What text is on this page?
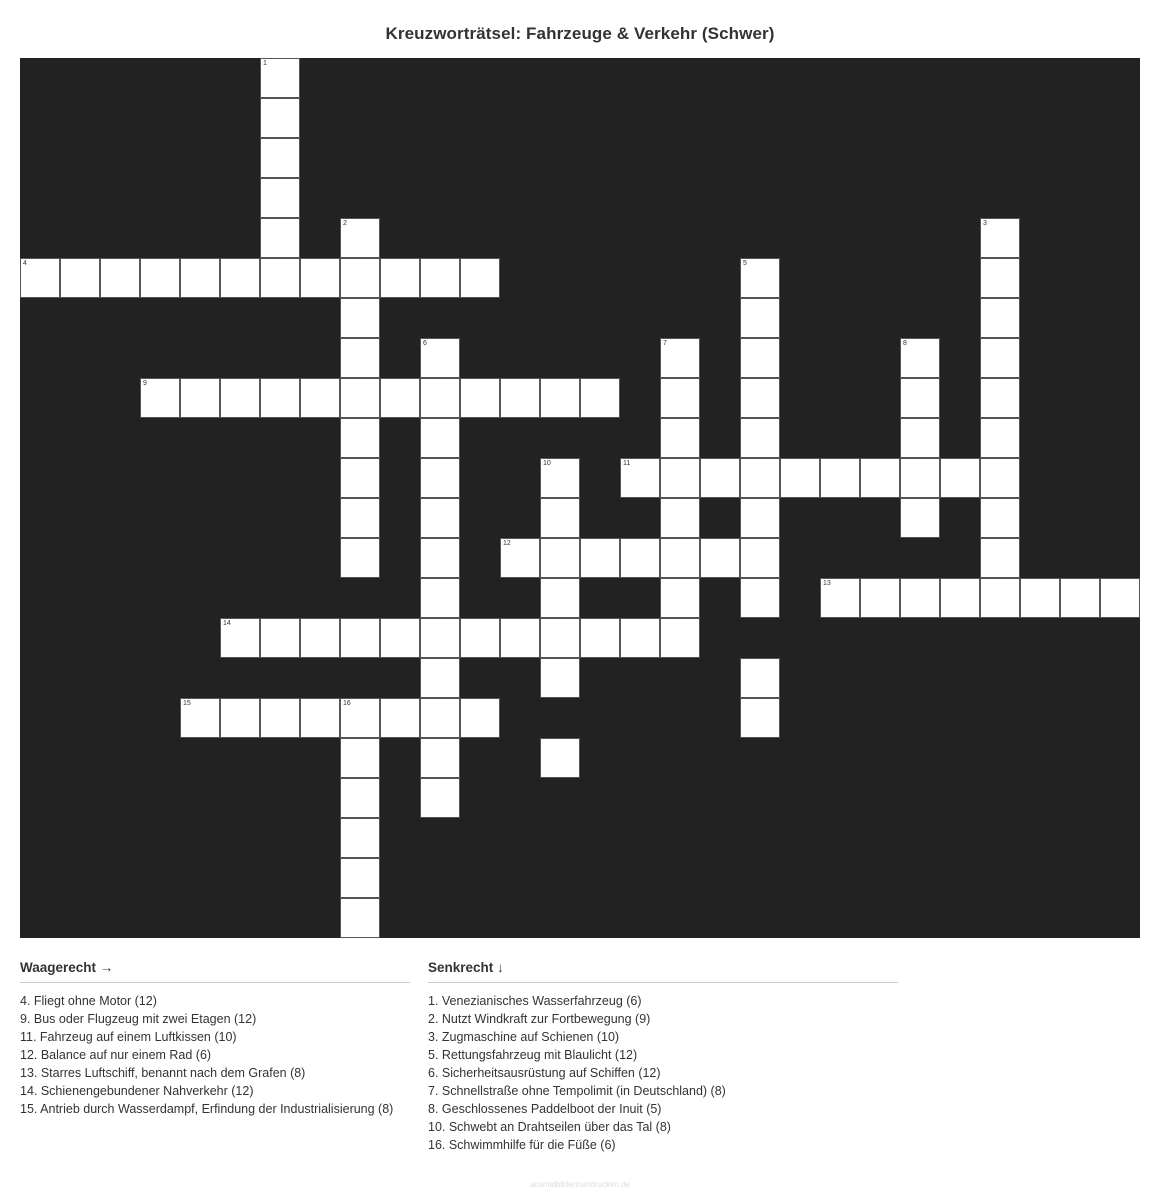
Kreuzworträtsel: Fahrzeuge & Verkehr (Schwer)
1
2	3
4	5
6	7	8
9
10	11
12
13
14
15	16
Waagerecht →
4. Fliegt ohne Motor (12)
9. Bus oder Flugzeug mit zwei Etagen (12)
11. Fahrzeug auf einem Luftkissen (10)
12. Balance auf nur einem Rad (6)
13. Starres Luftschiff, benannt nach dem Grafen (8)
14. Schienengebundener Nahverkehr (12)
15. Antrieb durch Wasserdampf, Erfindung der Industrialisierung (8)
Senkrecht ↓
1. Venezianisches Wasserfahrzeug (6)
2. Nutzt Windkraft zur Fortbewegung (9)
3. Zugmaschine auf Schienen (10)
5. Rettungsfahrzeug mit Blaulicht (12)
6. Sicherheitsausrüstung auf Schiffen (12)
7. Schnellstraße ohne Tempolimit (in Deutschland) (8)
8. Geschlossenes Paddelboot der Inuit (5)
10. Schwebt an Drahtseilen über das Tal (8)
16. Schwimmhilfe für die Füße (6)
ausmalbilderzumdrucken.de
